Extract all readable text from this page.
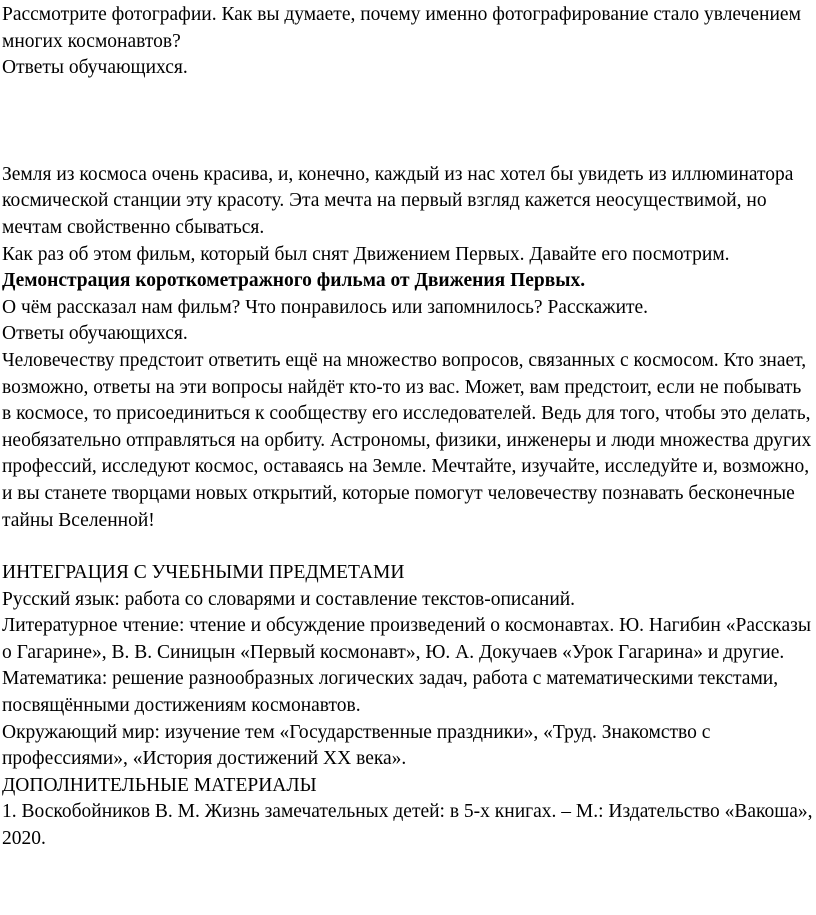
Рассмотрите фотографии. Как вы думаете, почему именно фотографирование стало увлечением многих космонавтов?

Ответы обучающихся.

Земля из космоса очень красива, и, конечно, каждый из нас хотел бы увидеть из иллюминатора космической станции эту красоту. Эта мечта на первый взгляд кажется неосуществимой, но мечтам свойственно сбываться.

Как раз об этом фильм, который был снят Движением Первых. Давайте его посмотрим.

Демонстрация короткометражного фильма от Движения Первых.

О чём рассказал нам фильм? Что понравилось или запомнилось? Расскажите.

Ответы обучающихся.

Человечеству предстоит ответить ещё на множество вопросов, связанных с космосом. Кто знает, возможно, ответы на эти вопросы найдёт кто-то из вас. Может, вам предстоит, если не побывать в космосе, то присоединиться к сообществу его исследователей. Ведь для того, чтобы это делать, необязательно отправляться на орбиту. Астрономы, физики, инженеры и люди множества других профессий, исследуют космос, оставаясь на Земле. Мечтайте, изучайте, исследуйте и, возможно, и вы станете творцами новых открытий, которые помогут человечеству познавать бесконечные тайны Вселенной!

ИНТЕГРАЦИЯ С УЧЕБНЫМИ ПРЕДМЕТАМИ

Русский язык: работа со словарями и составление текстов-описаний.

Литературное чтение: чтение и обсуждение произведений о космонавтах. Ю. Нагибин «Рассказы о Гагарине», В. В. Синицын «Первый космонавт», Ю. А. Докучаев «Урок Гагарина» и другие.

Математика: решение разнообразных логических задач, работа с математическими текстами, посвящёнными достижениям космонавтов.

Окружающий мир: изучение тем «Государственные праздники», «Труд. Знакомство с профессиями», «История достижений ХХ века».

ДОПОЛНИТЕЛЬНЫЕ МАТЕРИАЛЫ

1. Воскобойников В. М. Жизнь замечательных детей: в 5-х книгах. – М.: Издательство «Вакоша», 2020.
